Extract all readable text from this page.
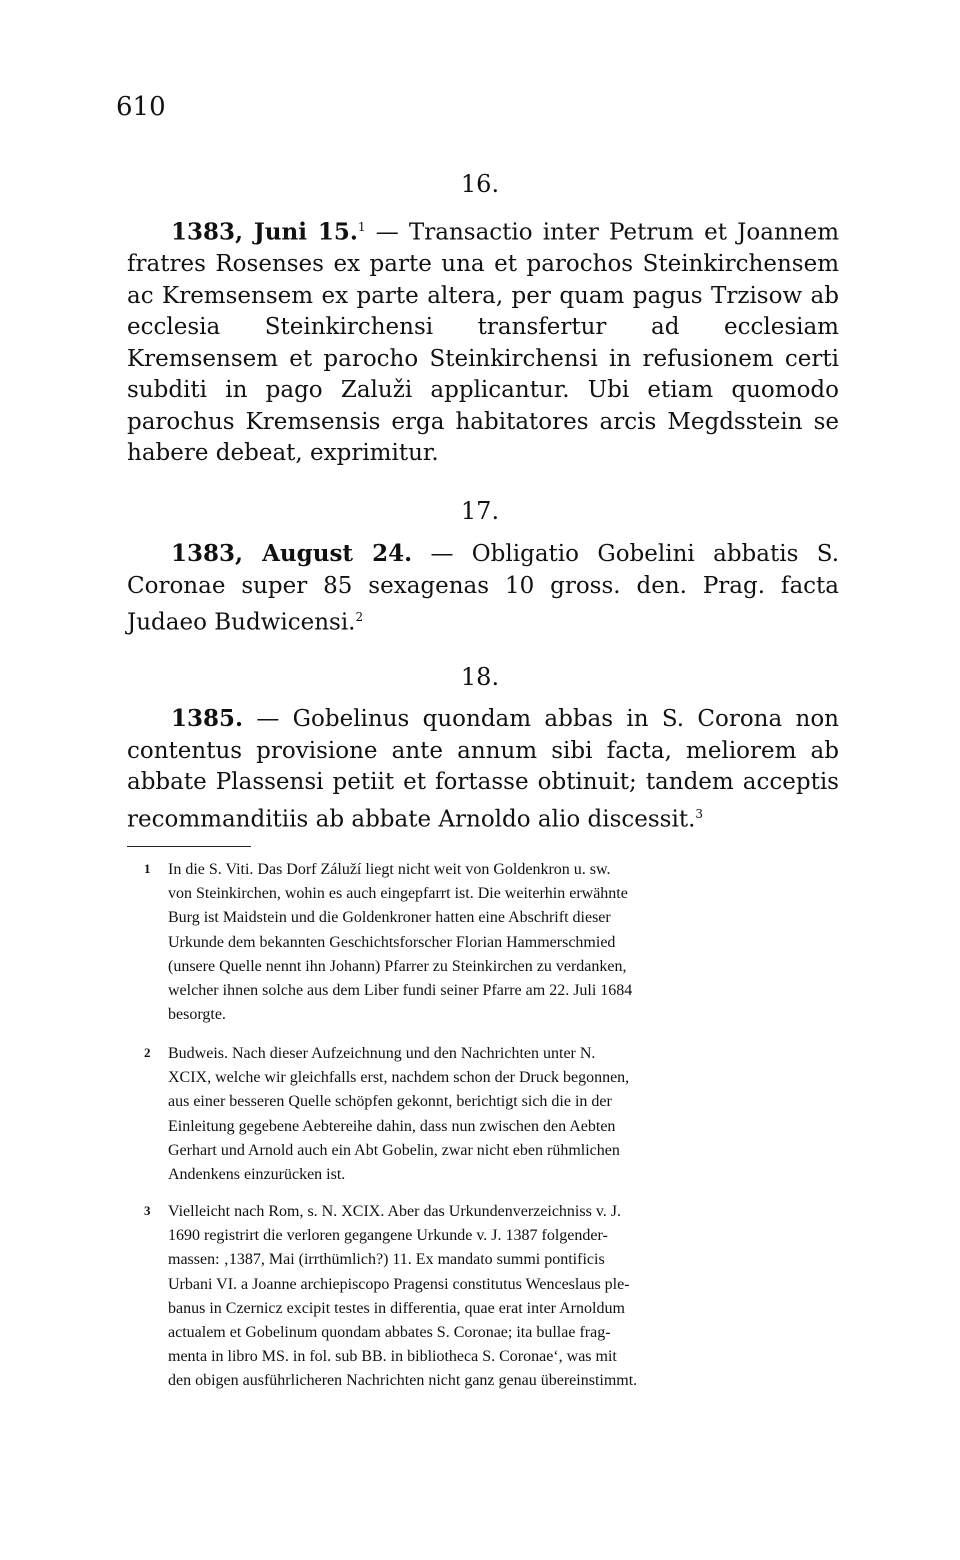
610
16.
1383, Juni 15.$^1$ — Transactio inter Petrum et Joannem fratres Rosenses ex parte una et parochos Steinkirchensem ac Kremsensem ex parte altera, per quam pagus Trzisow ab ecclesia Steinkirchensi transfertur ad ecclesiam Kremsensem et parocho Steinkirchensi in refusionem certi subditi in pago Zaluži applicantur. Ubi etiam quomodo parochus Kremsensis erga habitatores arcis Megdsstein se habere debeat, exprimitur.
17.
1383, August 24. — Obligatio Gobelini abbatis S. Coronae super 85 sexagenas 10 gross. den. Prag. facta Judaeo Budwicensi.$^2$
18.
1385. — Gobelinus quondam abbas in S. Corona non contentus provisione ante annum sibi facta, meliorem ab abbate Plassensi petiit et fortasse obtinuit; tandem acceptis recommanditiis ab abbate Arnoldo alio discessit.$^3$
1 In die S. Viti. Das Dorf Záluží liegt nicht weit von Goldenkron u. sw.
von Steinkirchen, wohin es auch eingepfarrt ist. Die weiterhin erwähnte
Burg ist Maidstein und die Goldenkroner hatten eine Abschrift dieser
Urkunde dem bekannten Geschichtsforscher Florian Hammerschmied
(unsere Quelle nennt ihn Johann) Pfarrer zu Steinkirchen zu verdanken,
welcher ihnen solche aus dem Liber fundi seiner Pfarre am 22. Juli 1684
besorgte.
2 Budweis. Nach dieser Aufzeichnung und den Nachrichten unter N.
XCIX, welche wir gleichfalls erst, nachdem schon der Druck begonnen,
aus einer besseren Quelle schöpfen gekonnt, berichtigt sich die in der
Einleitung gegebene Aebtereihe dahin, dass nun zwischen den Aebten
Gerhart und Arnold auch ein Abt Gobelin, zwar nicht eben rühmlichen
Andenkens einzurücken ist.
3 Vielleicht nach Rom, s. N. XCIX. Aber das Urkundenverzeichniss v. J.
1690 registrirt die verloren gegangene Urkunde v. J. 1387 folgender-
massen: ‚1387, Mai (irrthümlich?) 11. Ex mandato summi pontificis
Urbani VI. a Joanne archiepiscopo Pragensi constitutus Wenceslaus ple-
banus in Czernicz excipit testes in differentia, quae erat inter Arnoldum
actualem et Gobelinum quondam abbates S. Coronae; ita bullae frag-
menta in libro MS. in fol. sub BB. in bibliotheca S. Coronae‘, was mit
den obigen ausführlicheren Nachrichten nicht ganz genau übereinstimmt.
